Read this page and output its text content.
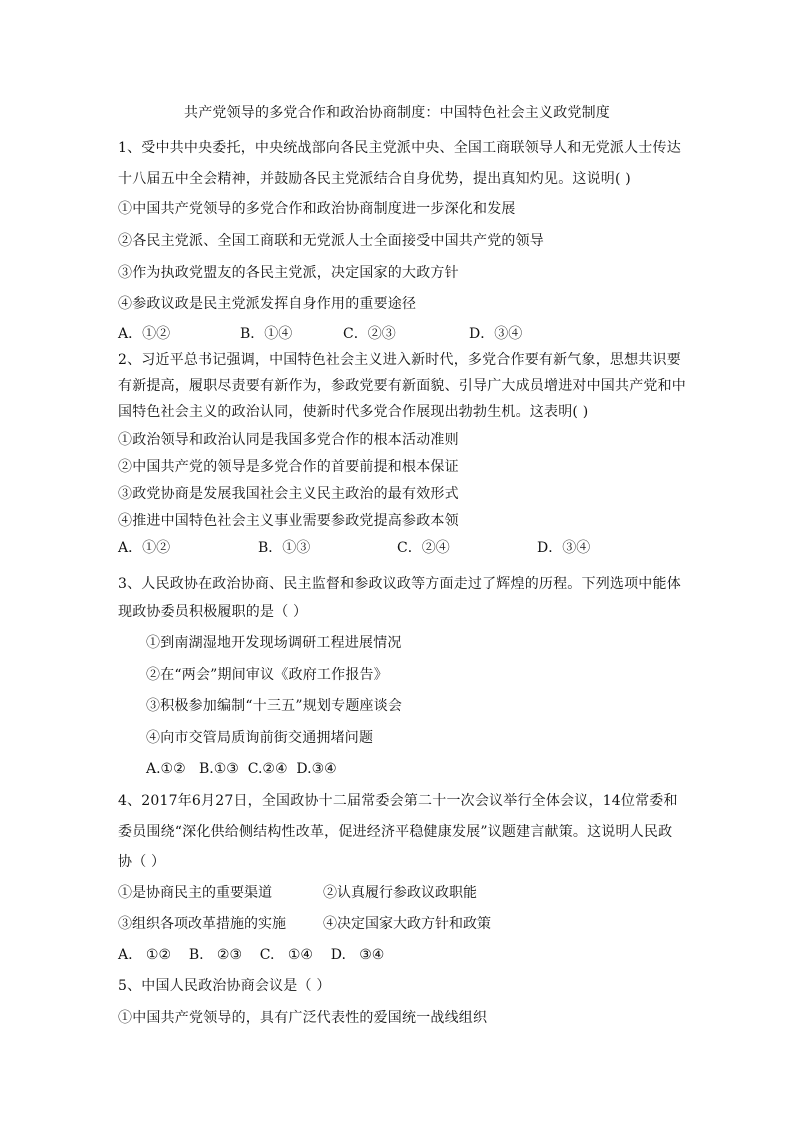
共产党领导的多党合作和政治协商制度：中国特色社会主义政党制度
1、受中共中央委托，中央统战部向各民主党派中央、全国工商联领导人和无党派人士传达
十八届五中全会精神，并鼓励各民主党派结合自身优势，提出真知灼见。这说明( )
①中国共产党领导的多党合作和政治协商制度进一步深化和发展
②各民主党派、全国工商联和无党派人士全面接受中国共产党的领导
③作为执政党盟友的各民主党派，决定国家的大政方针
④参政议政是民主党派发挥自身作用的重要途径
A．①②	B．①④	C．②③	D．③④
2、习近平总书记强调，中国特色社会主义进入新时代，多党合作要有新气象，思想共识要
有新提高，履职尽责要有新作为，参政党要有新面貌、引导广大成员增进对中国共产党和中
国特色社会主义的政治认同，使新时代多党合作展现出勃勃生机。这表明( )
①政治领导和政治认同是我国多党合作的根本活动准则
②中国共产党的领导是多党合作的首要前提和根本保证
③政党协商是发展我国社会主义民主政治的最有效形式
④推进中国特色社会主义事业需要参政党提高参政本领
A．①②	B．①③	C．②④	D．③④
3、人民政协在政治协商、民主监督和参政议政等方面走过了辉煌的历程。下列选项中能体
现政协委员积极履职的是（ ）
①到南湖湿地开发现场调研工程进展情况
②在“两会”期间审议《政府工作报告》
③积极参加编制“十三五”规划专题座谈会
④向市交管局质询前街交通拥堵问题
A.①②   B.①③  C.②④  D.③④
4、2017年6月27日，全国政协十二届常委会第二十一次会议举行全体会议，14位常委和
委员围绕“深化供给侧结构性改革，促进经济平稳健康发展”议题建言献策。这说明人民政
协（ ）
①是协商民主的重要渠道	②认真履行参政议政职能
③组织各项改革措施的实施	④决定国家大政方针和政策
A.   ①②    B.   ②③    C.   ①④    D.   ③④
5、中国人民政治协商会议是（ ）
①中国共产党领导的，具有广泛代表性的爱国统一战线组织
